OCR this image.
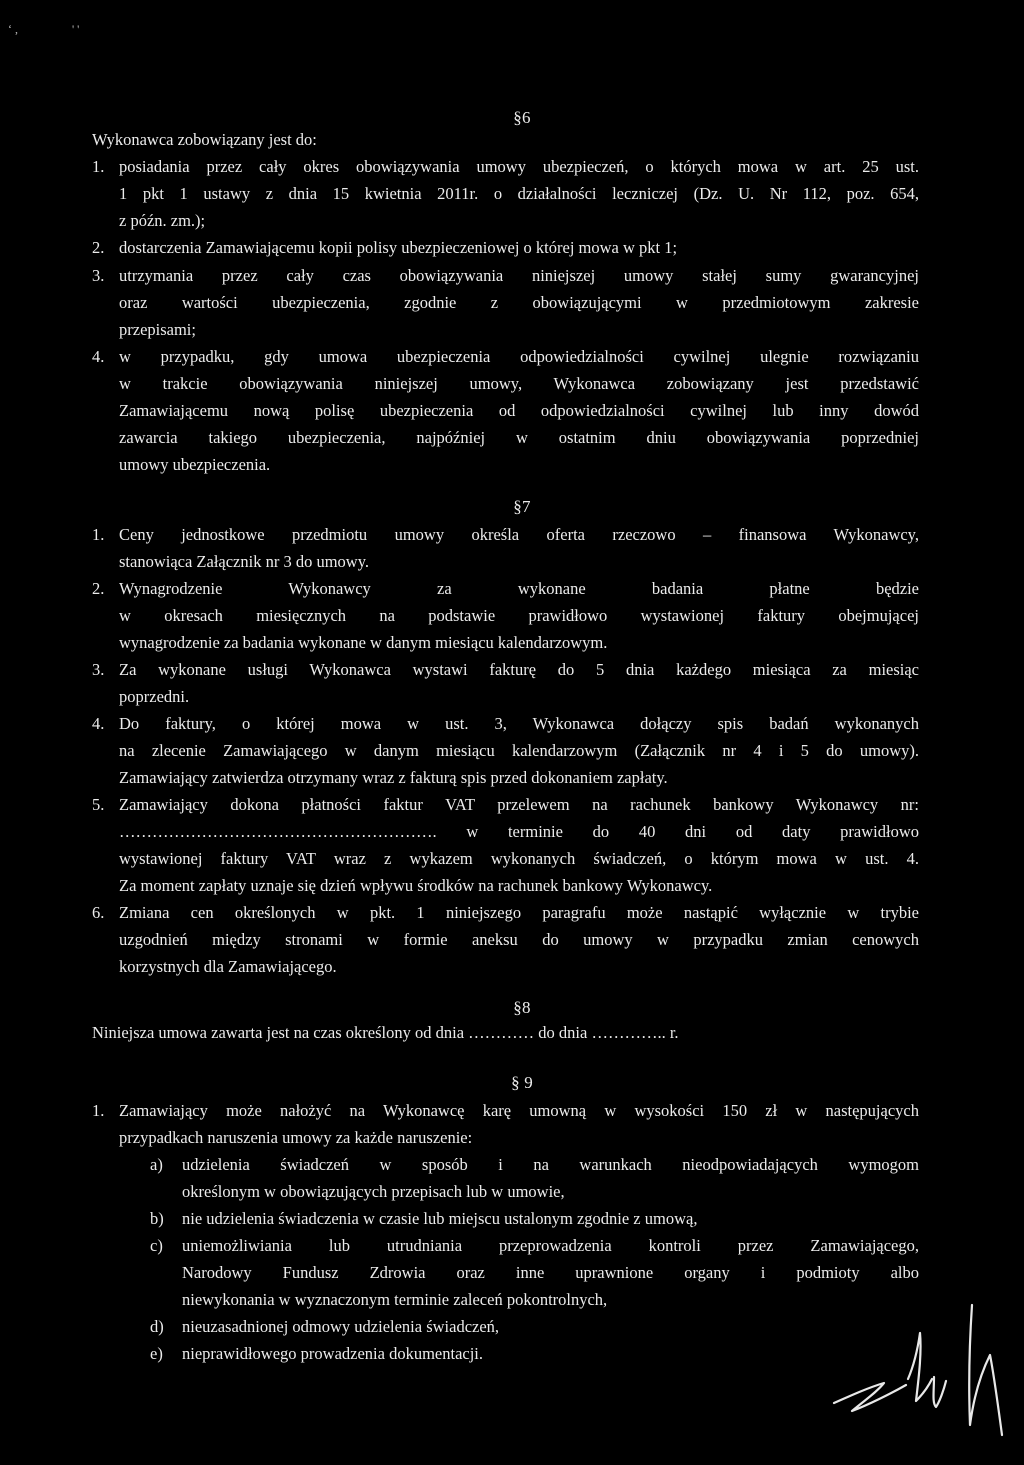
§6
Wykonawca zobowiązany jest do:
1. posiadania przez cały okres obowiązywania umowy ubezpieczeń, o których mowa w art. 25 ust.
1 pkt 1 ustawy z dnia 15 kwietnia 2011r. o działalności leczniczej (Dz. U. Nr 112, poz. 654,
z późn. zm.);
2. dostarczenia Zamawiającemu kopii polisy ubezpieczeniowej o której mowa w pkt 1;
3. utrzymania przez cały czas obowiązywania niniejszej umowy stałej sumy gwarancyjnej
oraz wartości ubezpieczenia, zgodnie z obowiązującymi w przedmiotowym zakresie
przepisami;
4. w przypadku, gdy umowa ubezpieczenia odpowiedzialności cywilnej ulegnie rozwiązaniu
w trakcie obowiązywania niniejszej umowy, Wykonawca zobowiązany jest przedstawić
Zamawiającemu nową polisę ubezpieczenia od odpowiedzialności cywilnej lub inny dowód
zawarcia takiego ubezpieczenia, najpóźniej w ostatnim dniu obowiązywania poprzedniej
umowy ubezpieczenia.
§7
1. Ceny jednostkowe przedmiotu umowy określa oferta rzeczowo – finansowa Wykonawcy,
stanowiąca Załącznik nr 3 do umowy.
2. Wynagrodzenie Wykonawcy za wykonane badania płatne będzie
w okresach miesięcznych na podstawie prawidłowo wystawionej faktury obejmującej
wynagrodzenie za badania wykonane w danym miesiącu kalendarzowym.
3. Za wykonane usługi Wykonawca wystawi fakturę do 5 dnia każdego miesiąca za miesiąc
poprzedni.
4. Do faktury, o której mowa w ust. 3, Wykonawca dołączy spis badań wykonanych
na zlecenie Zamawiającego w danym miesiącu kalendarzowym (Załącznik nr 4 i 5 do umowy).
Zamawiający zatwierdza otrzymany wraz z fakturą spis przed dokonaniem zapłaty.
5. Zamawiający dokona płatności faktur VAT przelewem na rachunek bankowy Wykonawcy nr:
…………………………………………………. w terminie do 40 dni od daty prawidłowo
wystawionej faktury VAT wraz z wykazem wykonanych świadczeń, o którym mowa w ust. 4.
Za moment zapłaty uznaje się dzień wpływu środków na rachunek bankowy Wykonawcy.
6. Zmiana cen określonych w pkt. 1 niniejszego paragrafu może nastąpić wyłącznie w trybie
uzgodnień między stronami w formie aneksu do umowy w przypadku zmian cenowych
korzystnych dla Zamawiającego.
§8
Niniejsza umowa zawarta jest na czas określony od dnia ………… do dnia ………….. r.
§ 9
1. Zamawiający może nałożyć na Wykonawcę karę umowną w wysokości 150 zł w następujących
przypadkach naruszenia umowy za każde naruszenie:
a) udzielenia świadczeń w sposób i na warunkach nieodpowiadających wymogom
określonym w obowiązujących przepisach lub w umowie,
b) nie udzielenia świadczenia w czasie lub miejscu ustalonym zgodnie z umową,
c) uniemożliwiania lub utrudniania przeprowadzenia kontroli przez Zamawiającego,
Narodowy Fundusz Zdrowia oraz inne uprawnione organy i podmioty albo
niewykonania w wyznaczonym terminie zaleceń pokontrolnych,
d) nieuzasadnionej odmowy udzielenia świadczeń,
e) nieprawidłowego prowadzenia dokumentacji.
‘ ,	' '
